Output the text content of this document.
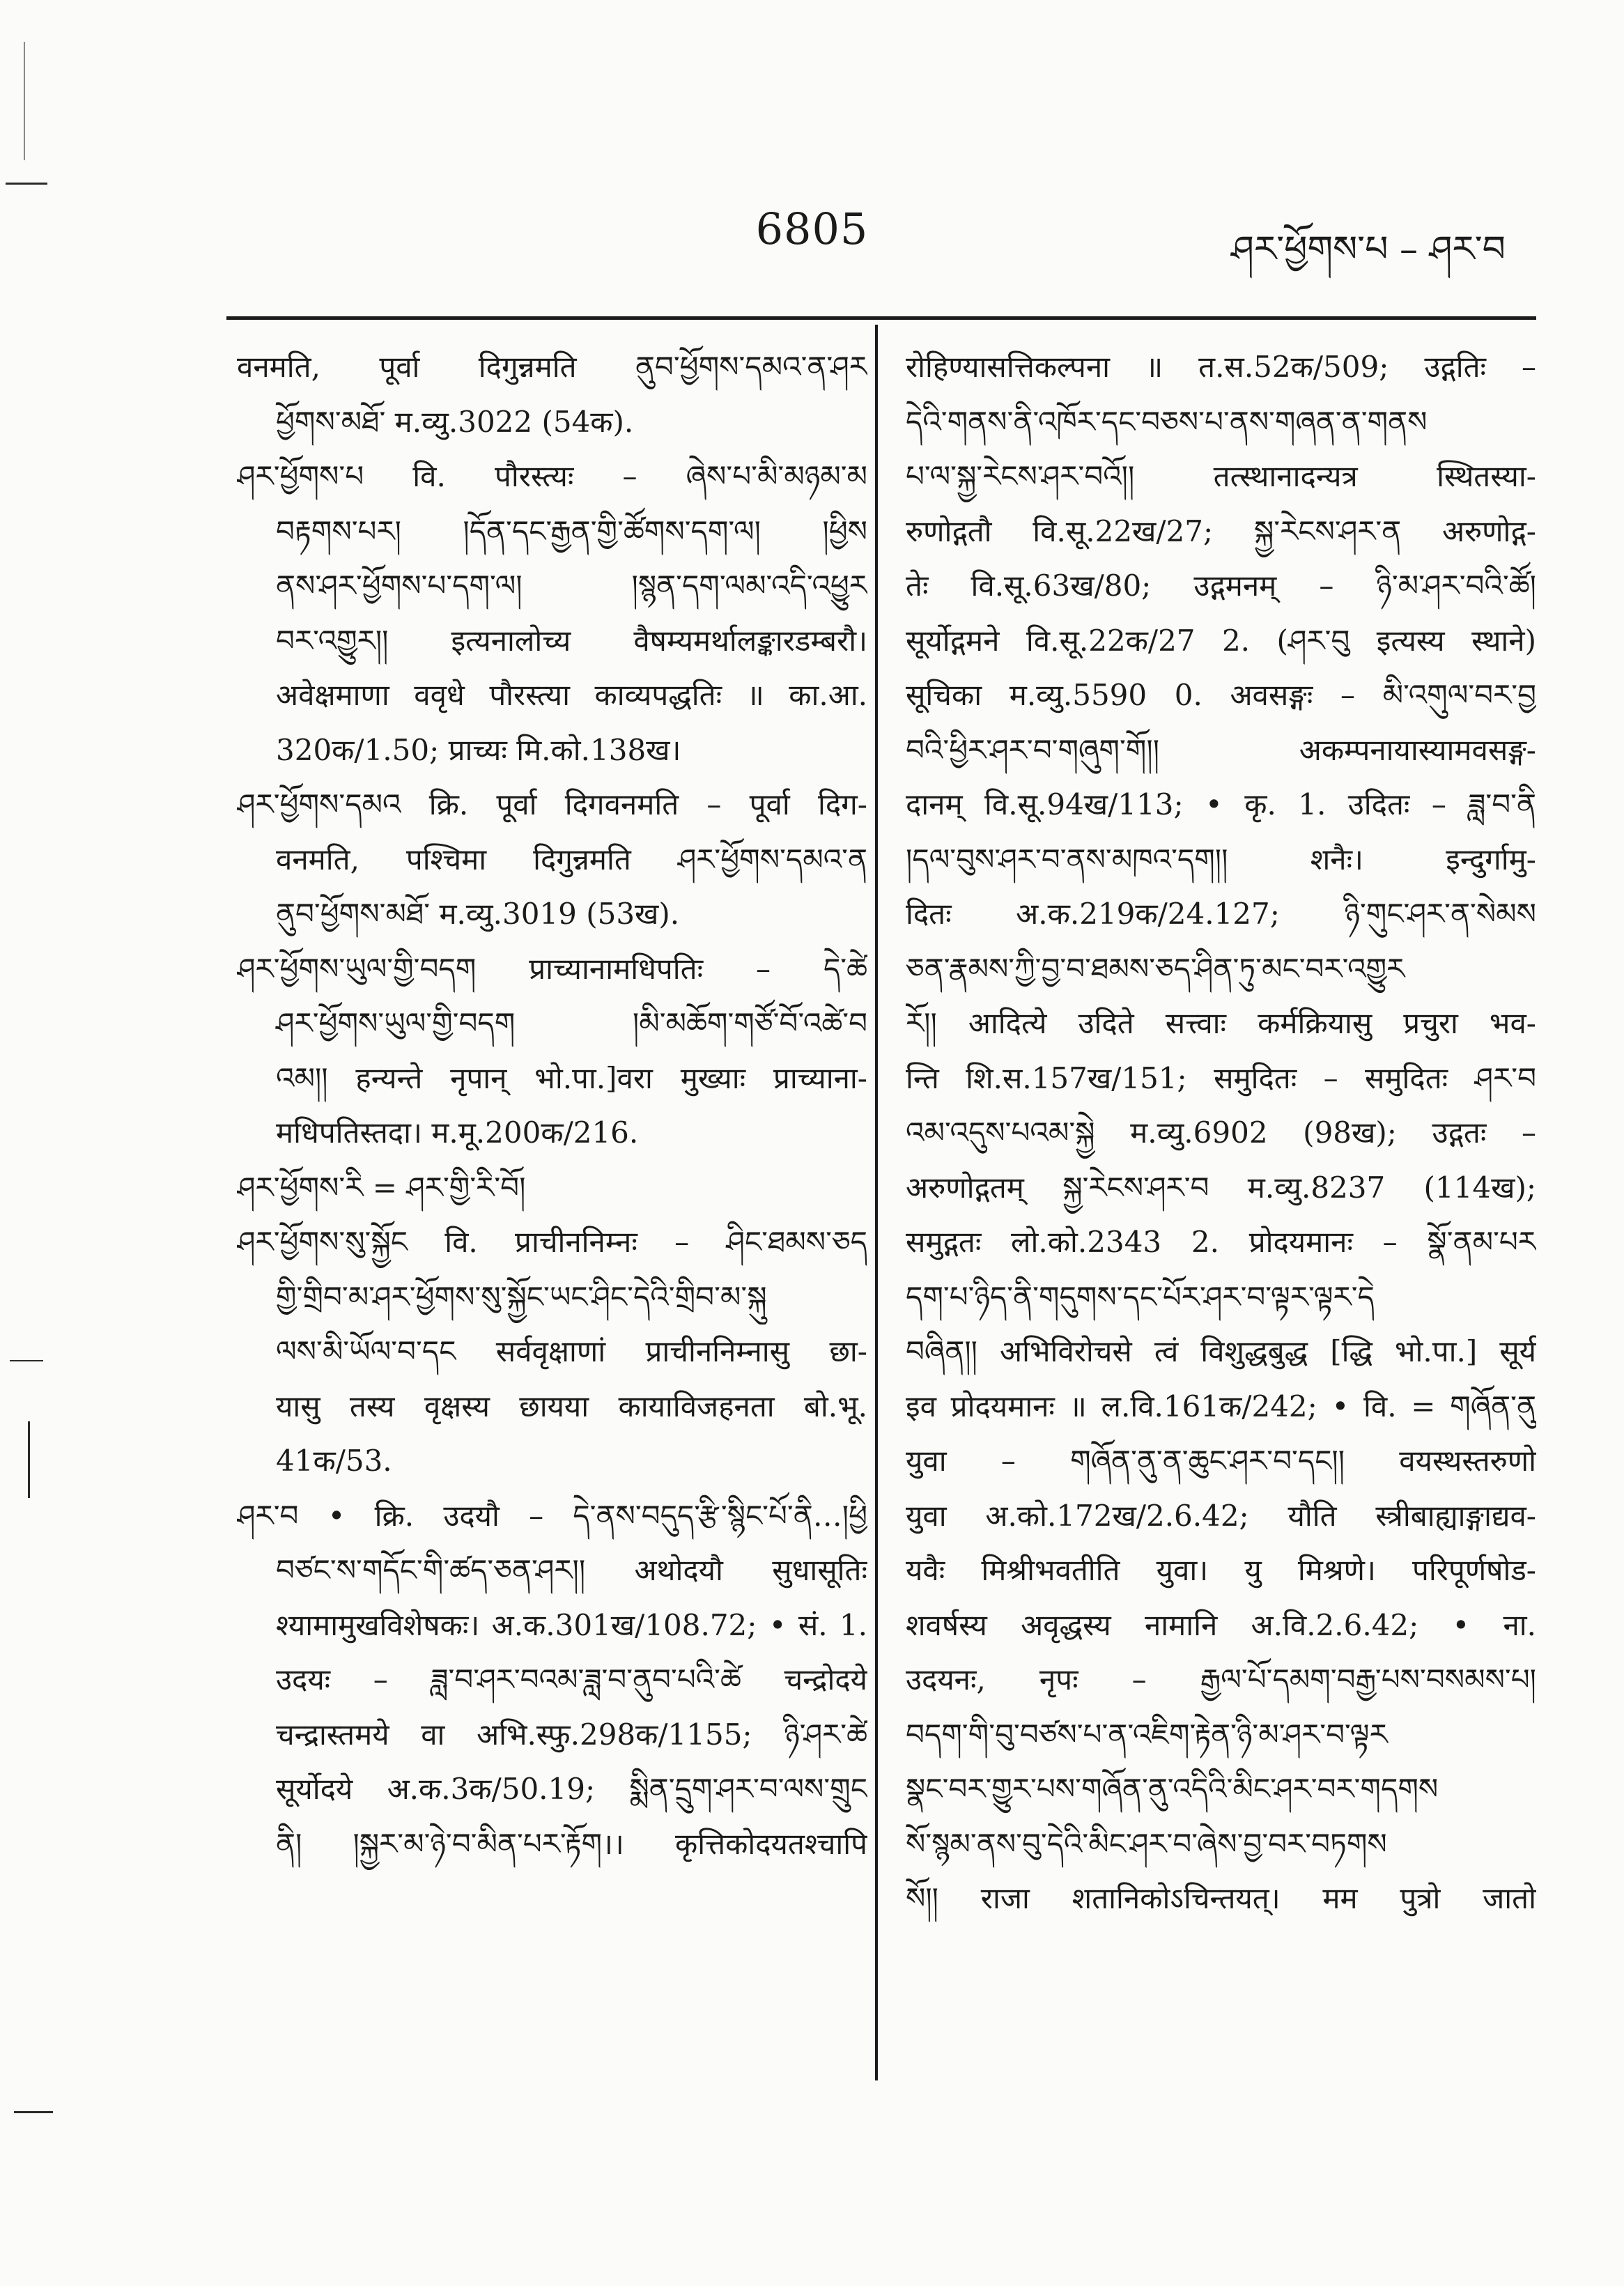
6805	ཤར་ཕྱོགས་པ – ཤར་བ
वनमति, पूर्वा दिगुन्नमति ནུབ་ཕྱོགས་དམའ་ན་ཤར
ཕྱོགས་མཐོ་ म.व्यु.3022 (54क).
ཤར་ཕྱོགས་པ वि. पौरस्त्यः – ཞེས་པ་མི་མཉམ་མ
བརྟགས་པར། །དོན་དང་རྒྱན་གྱི་ཚོགས་དག་ལ། །ཕྱིས
ནས་ཤར་ཕྱོགས་པ་དག་ལ། །སྙན་དག་ལམ་འདི་འཕྱུར
བར་འགྱུར།། इत्यनालोच्य वैषम्यमर्थालङ्कारडम्बरौ।
अवेक्षमाणा ववृधे पौरस्त्या काव्यपद्धतिः ॥ का.आ.
320क/1.50; प्राच्यः मि.को.138ख।
ཤར་ཕྱོགས་དམའ क्रि. पूर्वा दिगवनमति – पूर्वा दिग-
वनमति, पश्चिमा दिगुन्नमति ཤར་ཕྱོགས་དམའ་ན
ནུབ་ཕྱོགས་མཐོ་ म.व्यु.3019 (53ख).
ཤར་ཕྱོགས་ཡུལ་གྱི་བདག प्राच्यानामधिपतिः – དེ་ཚེ
ཤར་ཕྱོགས་ཡུལ་གྱི་བདག །མི་མཆོག་གཙོ་བོ་འཚེ་བ
འམ།། हन्यन्ते नृपान् भो.पा.]वरा मुख्याः प्राच्याना-
मधिपतिस्तदा। म.मू.200क/216.
ཤར་ཕྱོགས་རི = ཤར་གྱི་རི་བོ།
ཤར་ཕྱོགས་སུ་སྐྱོང वि. प्राचीननिम्नः – ཤིང་ཐམས་ཅད
གྱི་གྲིབ་མ་ཤར་ཕྱོགས་སུ་སྐྱོང་ཡང་ཤིང་དེའི་གྲིབ་མ་སྐུ
ལས་མི་ཡོལ་བ་དང सर्ववृक्षाणां प्राचीननिम्नासु छा-
यासु तस्य वृक्षस्य छायया कायाविजहनता बो.भू.
41क/53.
ཤར་བ • क्रि. उदयौ – དེ་ནས་བདུད་རྩི་སྙིང་པོ་ནི…།ཕྱི
བཙང་ས་གདོང་གི་ཚད་ཅན་ཤར།། अथोदयौ सुधासूतिः
श्यामामुखविशेषकः। अ.क.301ख/108.72; • सं. 1.
उदयः – ཟླ་བ་ཤར་བའམ་ཟླ་བ་ནུབ་པའི་ཚེ चन्द्रोदये
चन्द्रास्तमये वा अभि.स्फु.298क/1155; ཉི་ཤར་ཚེ
सूर्योदये अ.क.3क/50.19; སྨིན་དྲུག་ཤར་བ་ལས་གྲུང
ནི། །སྐྱར་མ་ཉེ་བ་མིན་པར་རྟོག।। कृत्तिकोदयतश्चापि
रोहिण्यासत्तिकल्पना ॥ त.स.52क/509; उद्गतिः –
དེའི་གནས་ནི་འཁོར་དང་བཅས་པ་ནས་གཞན་ན་གནས
པ་ལ་སྐྱ་རེངས་ཤར་བའོ།། तत्स्थानादन्यत्र स्थितस्या-
रुणोद्गतौ वि.सू.22ख/27; སྐྱ་རེངས་ཤར་ན अरुणोद्ग-
तेः वि.सू.63ख/80; उद्गमनम् – ཉི་མ་ཤར་བའི་ཚོ།
सूर्योद्गमने वि.सू.22क/27 2. (ཤར་བུ इत्यस्य स्थाने)
सूचिका म.व्यु.5590 0. अवसङ्गः – མི་འགུལ་བར་བྱ
བའི་ཕྱིར་ཤར་བ་གཞུག་གོ།། अकम्पनायास्यामवसङ्ग-
दानम् वि.सू.94ख/113; • कृ. 1. उदितः – ཟླ་བ་ནི
།དལ་བུས་ཤར་བ་ནས་མཁའ་དག།། शनैः। इन्दुर्गामु-
दितः अ.क.219क/24.127; ཉི་གུང་ཤར་ན་སེམས
ཅན་རྣམས་ཀྱི་བྱ་བ་ཐམས་ཅད་ཤིན་ཏུ་མང་བར་འགྱུར
རོ།། आदित्ये उदिते सत्त्वाः कर्मक्रियासु प्रचुरा भव-
न्ति शि.स.157ख/151; समुदितः – समुदितः ཤར་བ
འམ་འདུས་པའམ་སྐྱེ म.व्यु.6902 (98ख); उद्गतः –
अरुणोद्गतम् སྐྱ་རེངས་ཤར་བ म.व्यु.8237 (114ख);
समुद्गतः लो.को.2343 2. प्रोदयमानः – སྣོ་ནམ་པར
དག་པ་ཉིད་ནི་གདུགས་དང་པོར་ཤར་བ་ལྟར་ལྟར་དེ
བཞིན།། अभिविरोचसे त्वं विशुद्धबुद्ध [द्धि भो.पा.] सूर्य
इव प्रोदयमानः ॥ ल.वि.161क/242; • वि. = གཞོན་ནུ
युवा – གཞོན་ནུ་ན་ཆུང་ཤར་བ་དང།། वयस्थस्तरुणो
युवा अ.को.172ख/2.6.42; यौति स्त्रीबाह्याङ्गाद्यव-
यवैः मिश्रीभवतीति युवा। यु मिश्रणे। परिपूर्णषोड-
शवर्षस्य अवृद्धस्य नामानि अ.वि.2.6.42; • ना.
उदयनः, नृपः – རྒྱལ་པོ་དམག་བརྒྱ་པས་བསམས་པ།
བདག་གི་བུ་བཙས་པ་ན་འཇིག་རྟེན་ཉི་མ་ཤར་བ་ལྟར
སྣང་བར་གྱུར་པས་གཞོན་ནུ་འདིའི་མིང་ཤར་བར་གདགས
སོ་སྙམ་ནས་བུ་དེའི་མིང་ཤར་བ་ཞེས་བྱ་བར་བཏགས
སོ།། राजा शतानिकोऽचिन्तयत्। मम पुत्रो जातो
